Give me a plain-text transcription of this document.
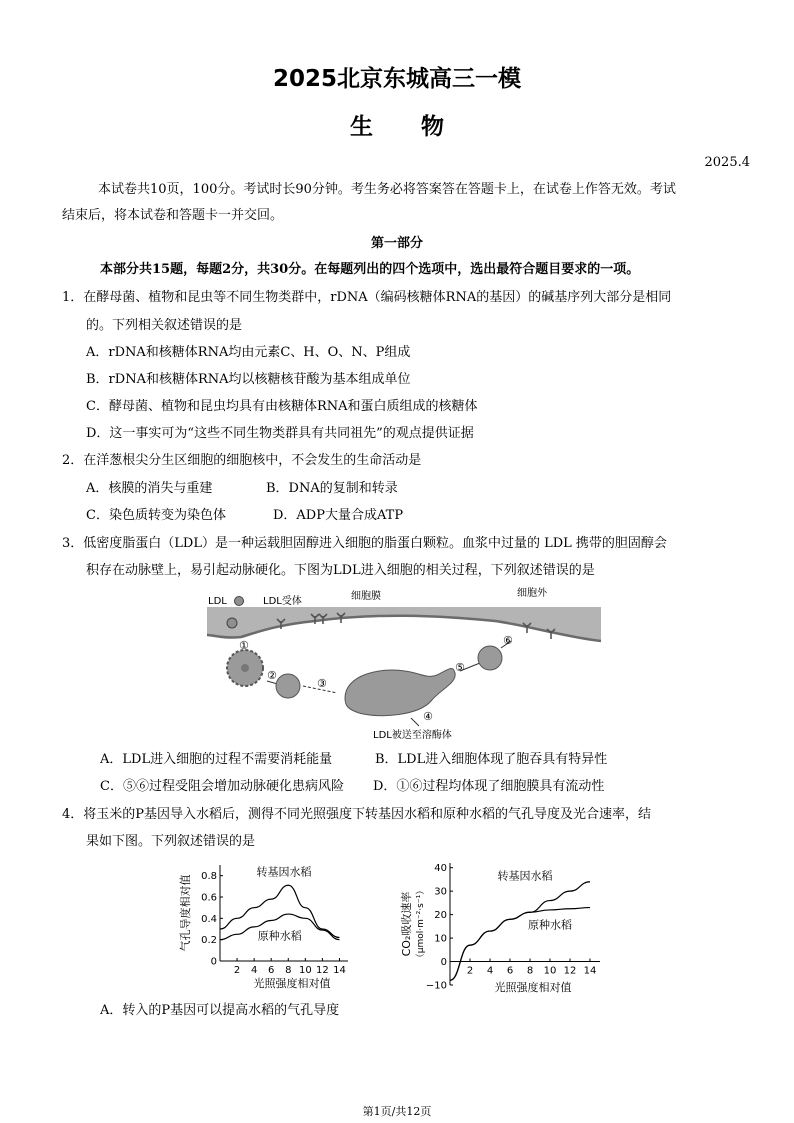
2025北京东城高三一模
生物
2025.4
本试卷共10页，100分。考试时长90分钟。考生务必将答案答在答题卡上，在试卷上作答无效。考试
结束后，将本试卷和答题卡一并交回。
第一部分
本部分共15题，每题2分，共30分。在每题列出的四个选项中，选出最符合题目要求的一项。
1．在酵母菌、植物和昆虫等不同生物类群中，rDNA（编码核糖体RNA的基因）的碱基序列大部分是相同
的。下列相关叙述错误的是
A．rDNA和核糖体RNA均由元素C、H、O、N、P组成
B．rDNA和核糖体RNA均以核糖核苷酸为基本组成单位
C．酵母菌、植物和昆虫均具有由核糖体RNA和蛋白质组成的核糖体
D．这一事实可为“这些不同生物类群具有共同祖先”的观点提供证据
2．在洋葱根尖分生区细胞的细胞核中，不会发生的生命活动是
A．核膜的消失与重建	B．DNA的复制和转录
C．染色质转变为染色体	D．ADP大量合成ATP
3．低密度脂蛋白（LDL）是一种运载胆固醇进入细胞的脂蛋白颗粒。血浆中过量的 LDL 携带的胆固醇会
积存在动脉壁上，易引起动脉硬化。下图为LDL进入细胞的相关过程，下列叙述错误的是
LDL	LDL受体	细胞膜	细胞外
①
②
③
④
LDL被送至溶酶体
⑤
⑥
A．LDL进入细胞的过程不需要消耗能量	B．LDL进入细胞体现了胞吞具有特异性
C．⑤⑥过程受阻会增加动脉硬化患病风险 D．①⑥过程均体现了细胞膜具有流动性
4．将玉米的P基因导入水稻后，测得不同光照强度下转基因水稻和原种水稻的气孔导度及光合速率，结
果如下图。下列叙述错误的是
2 4 6 8 10 12 14
0
0.2
0.4
0.6
0.8
光照强度相对值
气孔导度相对值
转基因水稻
原种水稻
2 4 6 8 10 12 14
−10
0
10
20
30
40
光照强度相对值
CO₂吸收速率 （μmol·m⁻²·s⁻¹）
转基因水稻
原种水稻
A．转入的P基因可以提高水稻的气孔导度
第1页/共12页
